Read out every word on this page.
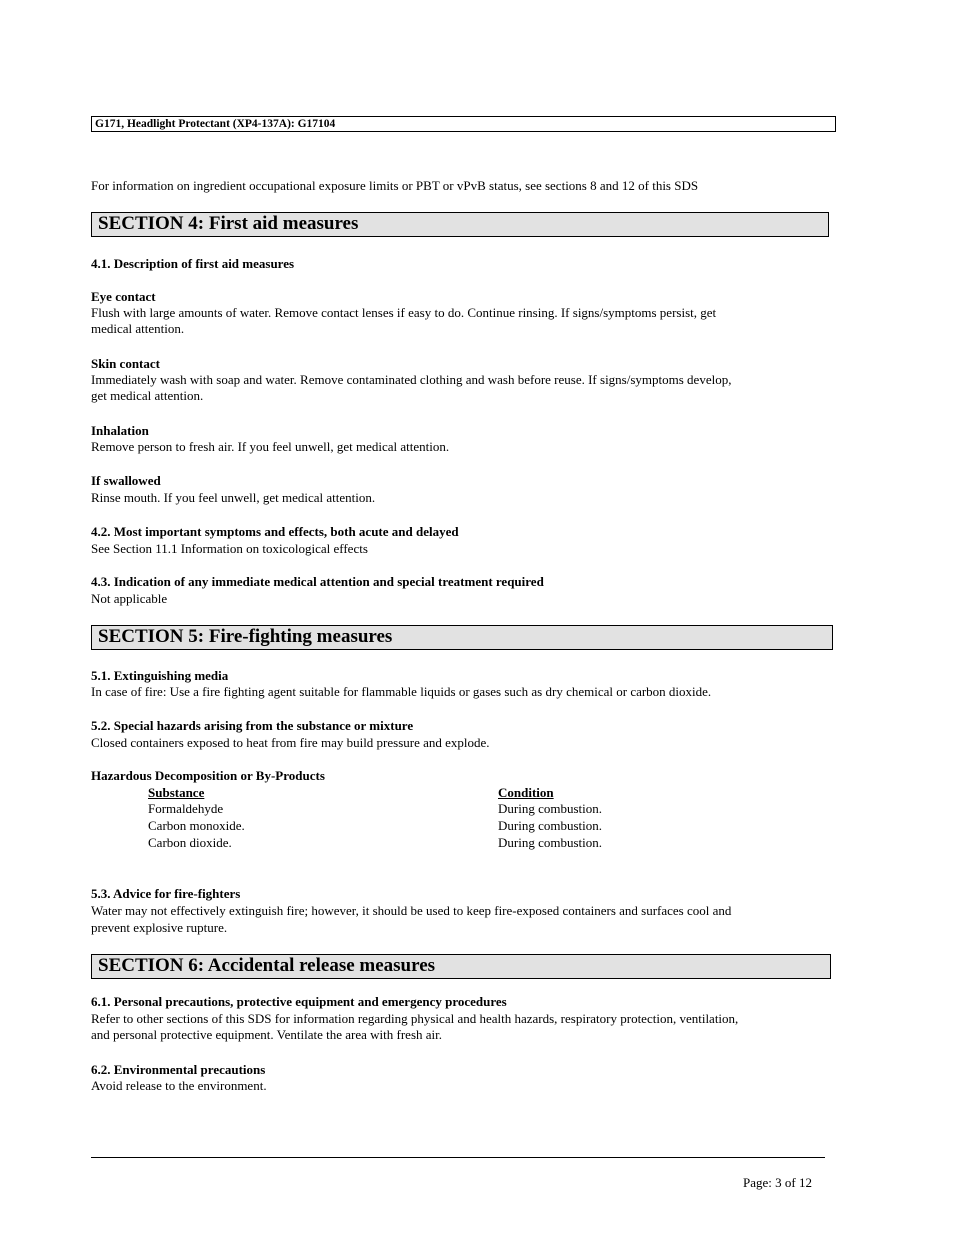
G171, Headlight Protectant (XP4-137A): G17104
For information on ingredient occupational exposure limits or PBT or vPvB status, see sections 8 and 12 of this SDS
SECTION 4: First aid measures
4.1. Description of first aid measures
Eye contact
Flush with large amounts of water. Remove contact lenses if easy to do. Continue rinsing. If signs/symptoms persist, get
medical attention.
Skin contact
Immediately wash with soap and water. Remove contaminated clothing and wash before reuse. If signs/symptoms develop,
get medical attention.
Inhalation
Remove person to fresh air. If you feel unwell, get medical attention.
If swallowed
Rinse mouth. If you feel unwell, get medical attention.
4.2. Most important symptoms and effects, both acute and delayed
See Section 11.1 Information on toxicological effects
4.3. Indication of any immediate medical attention and special treatment required
Not applicable
SECTION 5: Fire-fighting measures
5.1. Extinguishing media
In case of fire: Use a fire fighting agent suitable for flammable liquids or gases such as dry chemical or carbon dioxide.
5.2. Special hazards arising from the substance or mixture
Closed containers exposed to heat from fire may build pressure and explode.
Hazardous Decomposition or By-Products
Substance	Condition
Formaldehyde	During combustion.
Carbon monoxide.	During combustion.
Carbon dioxide.	During combustion.
5.3. Advice for fire-fighters
Water may not effectively extinguish fire; however, it should be used to keep fire-exposed containers and surfaces cool and
prevent explosive rupture.
SECTION 6: Accidental release measures
6.1. Personal precautions, protective equipment and emergency procedures
Refer to other sections of this SDS for information regarding physical and health hazards, respiratory protection, ventilation,
and personal protective equipment. Ventilate the area with fresh air.
6.2. Environmental precautions
Avoid release to the environment.
Page: 3 of 12
